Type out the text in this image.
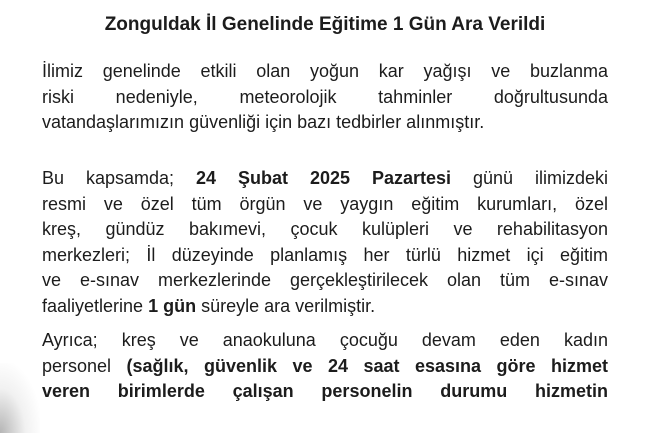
Zonguldak İl Genelinde Eğitime 1 Gün Ara Verildi
İlimiz genelinde etkili olan yoğun kar yağışı ve buzlanma
riski nedeniyle, meteorolojik tahminler doğrultusunda
vatandaşlarımızın güvenliği için bazı tedbirler alınmıştır.
Bu kapsamda; 24 Şubat 2025 Pazartesi günü ilimizdeki
resmi ve özel tüm örgün ve yaygın eğitim kurumları, özel
kreş, gündüz bakımevi, çocuk kulüpleri ve rehabilitasyon
merkezleri; İl düzeyinde planlamış her türlü hizmet içi eğitim
ve e-sınav merkezlerinde gerçekleştirilecek olan tüm e-sınav
faaliyetlerine 1 gün süreyle ara verilmiştir.
Ayrıca; kreş ve anaokuluna çocuğu devam eden kadın
personel (sağlık, güvenlik ve 24 saat esasına göre hizmet
veren birimlerde çalışan personelin durumu hizmetin
